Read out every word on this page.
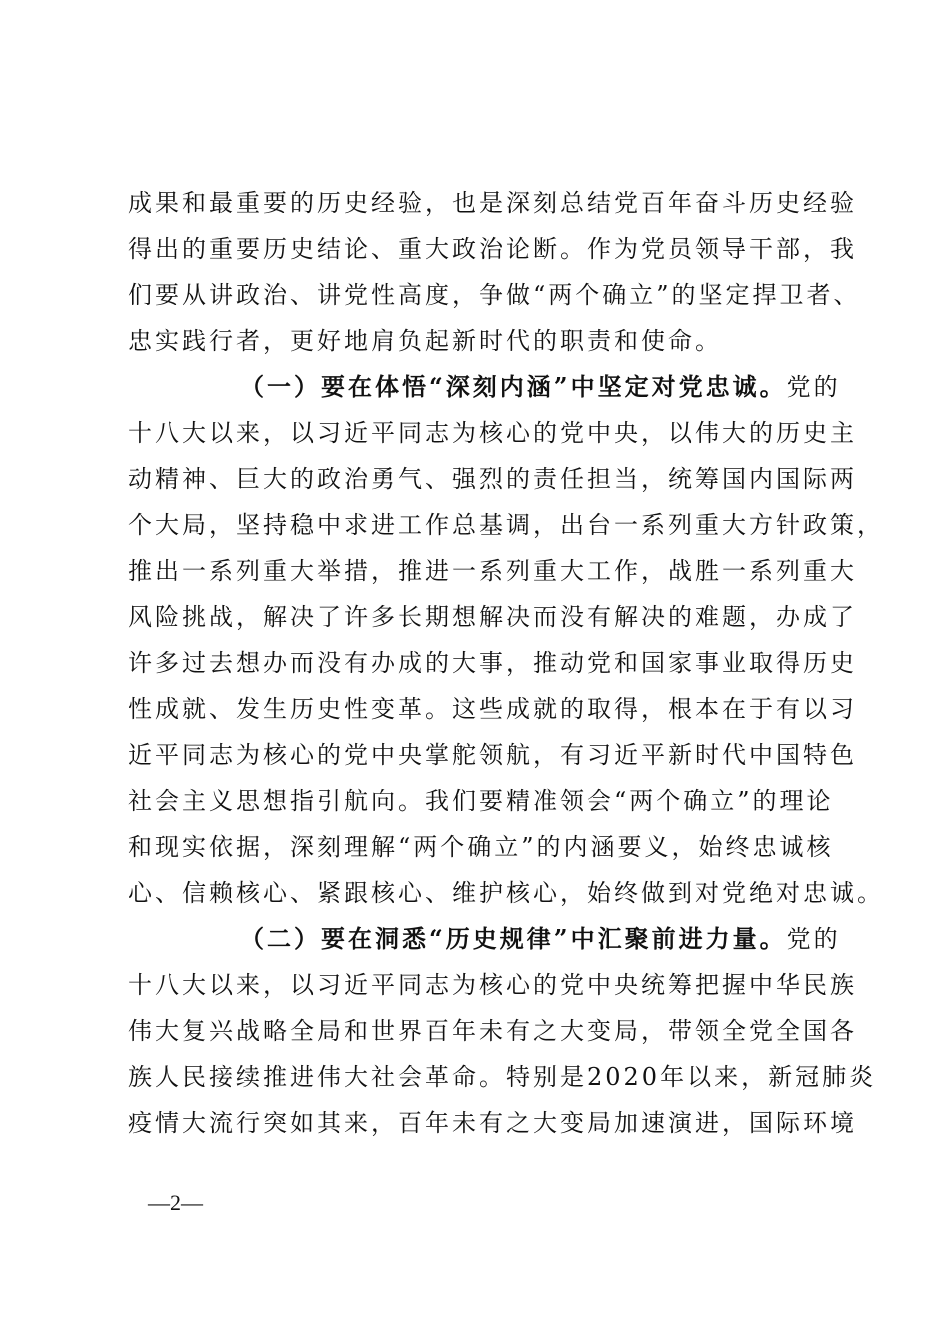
成果和最重要的历史经验，也是深刻总结党百年奋斗历史经验
得出的重要历史结论、重大政治论断。作为党员领导干部，我
们要从讲政治、讲党性高度，争做“两个确立”的坚定捍卫者、
忠实践行者，更好地肩负起新时代的职责和使命。
（一）要在体悟“深刻内涵”中坚定对党忠诚。党的
十八大以来，以习近平同志为核心的党中央，以伟大的历史主
动精神、巨大的政治勇气、强烈的责任担当，统筹国内国际两
个大局，坚持稳中求进工作总基调，出台一系列重大方针政策，
推出一系列重大举措，推进一系列重大工作，战胜一系列重大
风险挑战，解决了许多长期想解决而没有解决的难题，办成了
许多过去想办而没有办成的大事，推动党和国家事业取得历史
性成就、发生历史性变革。这些成就的取得，根本在于有以习
近平同志为核心的党中央掌舵领航，有习近平新时代中国特色
社会主义思想指引航向。我们要精准领会“两个确立”的理论
和现实依据，深刻理解“两个确立”的内涵要义，始终忠诚核
心、信赖核心、紧跟核心、维护核心，始终做到对党绝对忠诚。
（二）要在洞悉“历史规律”中汇聚前进力量。党的
十八大以来，以习近平同志为核心的党中央统筹把握中华民族
伟大复兴战略全局和世界百年未有之大变局，带领全党全国各
族人民接续推进伟大社会革命。特别是2020年以来，新冠肺炎
疫情大流行突如其来，百年未有之大变局加速演进，国际环境
—2—
